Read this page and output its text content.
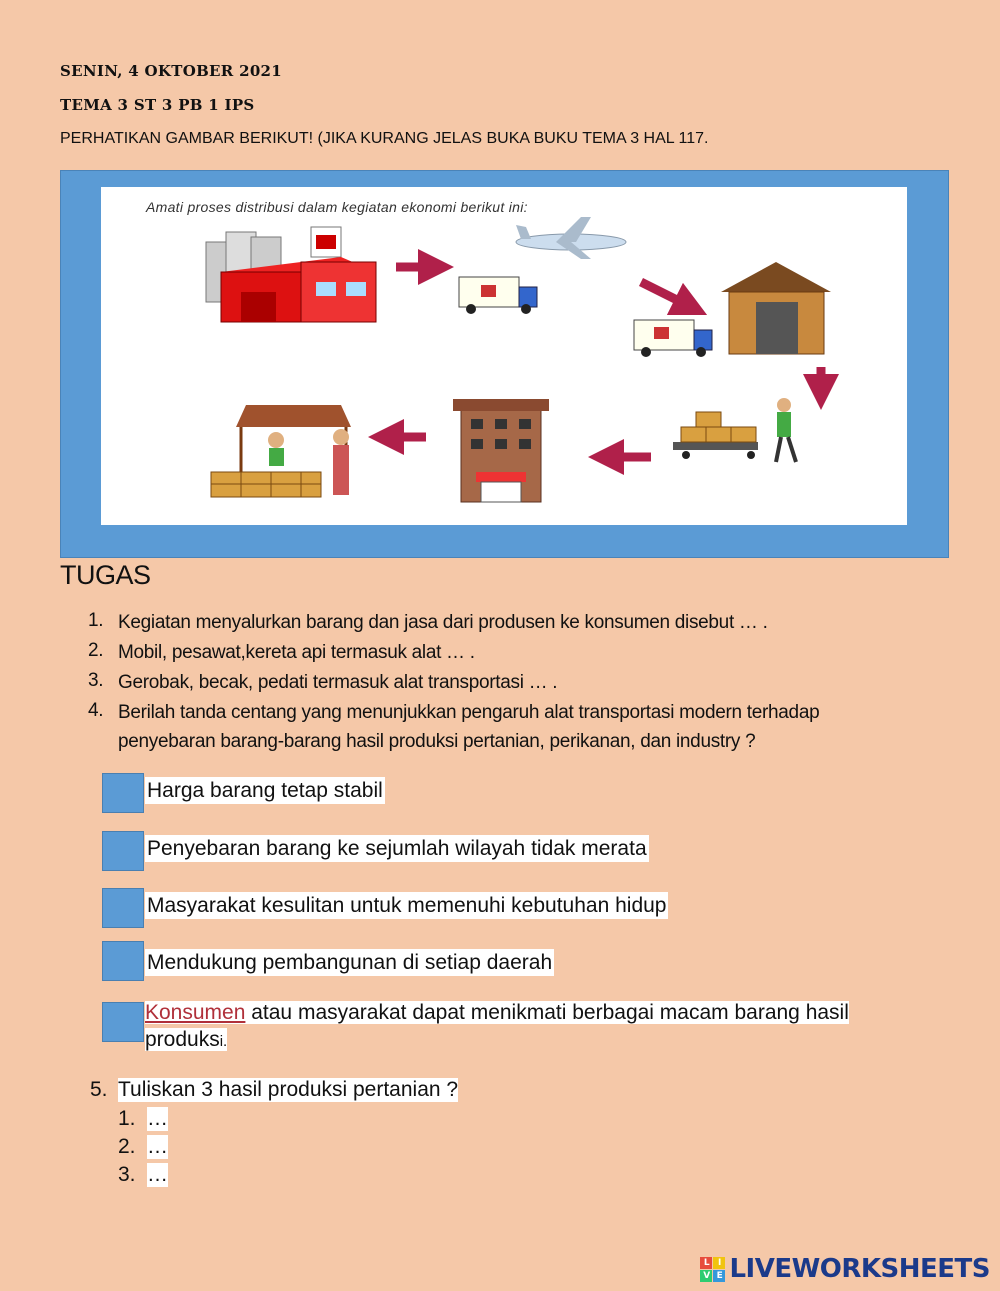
SENIN, 4 OKTOBER 2021
TEMA 3 ST 3 PB 1 IPS
PERHATIKAN GAMBAR BERIKUT! (JIKA KURANG JELAS BUKA BUKU TEMA 3 HAL 117.
Amati proses distribusi dalam kegiatan ekonomi berikut ini:
TUGAS
1. Kegiatan menyalurkan barang dan jasa dari produsen ke konsumen disebut … .
2. Mobil, pesawat,kereta api termasuk alat … .
3. Gerobak, becak, pedati termasuk alat transportasi … .
4. Berilah tanda centang yang menunjukkan pengaruh alat transportasi modern terhadap penyebaran barang-barang hasil produksi pertanian, perikanan, dan industry ?
Harga barang tetap stabil
Penyebaran barang ke sejumlah wilayah tidak merata
Masyarakat kesulitan untuk memenuhi kebutuhan hidup
Mendukung pembangunan di setiap daerah
Konsumen atau masyarakat dapat menikmati berbagai macam barang hasil
produksi.
5. Tuliskan 3 hasil produksi pertanian ?
1. …
2. …
3. …
L I
V E LIVEWORKSHEETS
